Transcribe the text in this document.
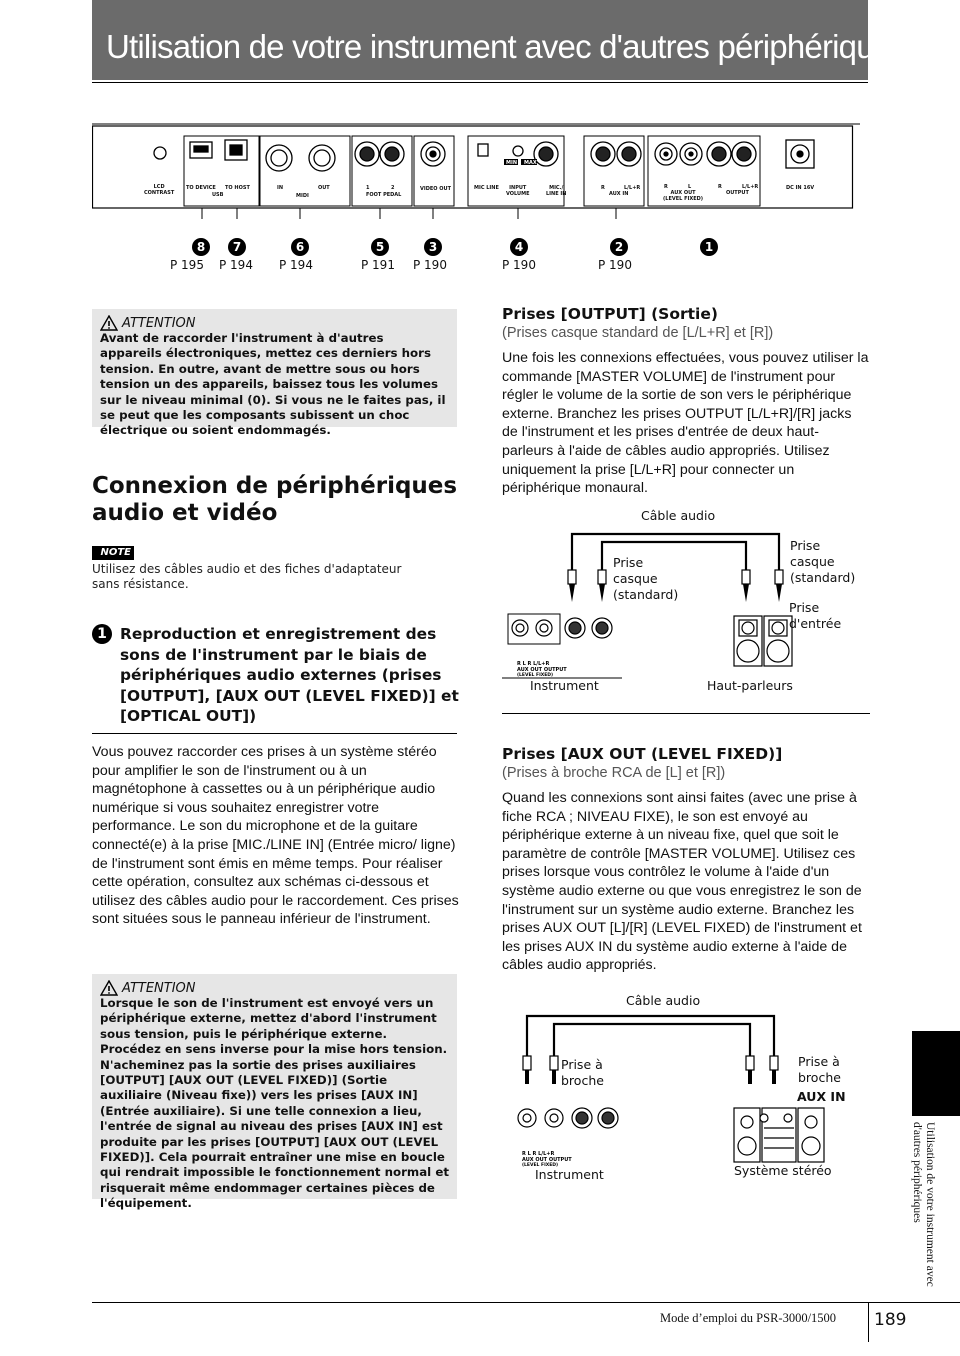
Utilisation de votre instrument avec d'autres périphériques
LCD
CONTRAST
TO DEVICE
USB
TO HOST	IN	OUT
MIDI
1	2
FOOT PEDAL
VIDEO OUT	MIC LINE	INPUT
VOLUME
MIC./
LINE IN
MIN MAX
R	L/L+R
AUX IN
R	L
AUX OUT
(LEVEL FIXED)
R	L/L+R
OUTPUT
DC IN 16V
8
P 195
7
P 194
6
P 194
5
P 191
3
P 190
4
P 190
2
P 190
1
ATTENTION
Avant de raccorder l'instrument à d'autres appareils électroniques, mettez ces derniers hors tension. En outre, avant de mettre sous ou hors tension un des appareils, baissez tous les volumes sur le niveau minimal (0). Si vous ne le faites pas, il se peut que les composants subissent un choc électrique ou soient endommagés.
Connexion de périphériques audio et vidéo
NOTE
Utilisez des câbles audio et des fiches d'adaptateur sans résistance.
1 Reproduction et enregistrement des sons de l'instrument par le biais de périphériques audio externes (prises [OUTPUT], [AUX OUT (LEVEL FIXED)] et [OPTICAL OUT])
Vous pouvez raccorder ces prises à un système stéréo pour amplifier le son de l'instrument ou à un magnétophone à cassettes ou à un périphérique audio numérique si vous souhaitez enregistrer votre performance. Le son du microphone et de la guitare connecté(e) à la prise [MIC./LINE IN] (Entrée micro/ ligne) de l'instrument sont émis en même temps. Pour réaliser cette opération, consultez aux schémas ci-dessous et utilisez des câbles audio pour le raccordement. Ces prises sont situées sous le panneau inférieur de l'instrument.
ATTENTION
Lorsque le son de l'instrument est envoyé vers un périphérique externe, mettez d'abord l'instrument sous tension, puis le périphérique externe. Procédez en sens inverse pour la mise hors tension.
N'acheminez pas la sortie des prises auxiliaires [OUTPUT] [AUX OUT (LEVEL FIXED)] (Sortie auxiliaire (Niveau fixe)) vers les prises [AUX IN] (Entrée auxiliaire). Si une telle connexion a lieu, l'entrée de signal au niveau des prises [AUX IN] est produite par les prises [OUTPUT] [AUX OUT (LEVEL FIXED)]. Cela pourrait entraîner une mise en boucle qui rendrait impossible le fonctionnement normal et risquerait même endommager certaines pièces de l'équipement.
Prises [OUTPUT] (Sortie)
(Prises casque standard de [L/L+R] et [R])
Une fois les connexions effectuées, vous pouvez utiliser la commande [MASTER VOLUME] de l'instrument pour régler le volume de la sortie de son vers le périphérique externe. Branchez les prises OUTPUT [L/L+R]/[R] jacks de l'instrument et les prises d'entrée de deux haut-parleurs à l'aide de câbles audio appropriés. Utilisez uniquement la prise [L/L+R] pour connecter un périphérique monaural.
R L R L/L+R
AUX OUT OUTPUT
(LEVEL FIXED)
Câble audio
Prise
casque
(standard)
Prise
casque
(standard)
Prise
d'entrée
Instrument	Haut-parleurs
Prises [AUX OUT (LEVEL FIXED)]
(Prises à broche RCA de [L] et [R])
Quand les connexions sont ainsi faites (avec une prise à fiche RCA ; NIVEAU FIXE), le son est envoyé au périphérique externe à un niveau fixe, quel que soit le paramètre de contrôle [MASTER VOLUME]. Utilisez ces prises lorsque vous contrôlez le volume à l'aide d'un système audio externe ou que vous enregistrez le son de l'instrument sur un système audio externe. Branchez les prises AUX OUT [L]/[R] (LEVEL FIXED) de l'instrument et les prises AUX IN du système audio externe à l'aide de câbles audio appropriés.
R L R L/L+R
AUX OUT OUTPUT
(LEVEL FIXED)
Câble audio
Prise à
broche
Prise à
broche
AUX IN
Instrument	Système stéréo	Utilisation de votre instrument avec d'autres périphériques
Mode d’emploi du PSR-3000/1500 189
